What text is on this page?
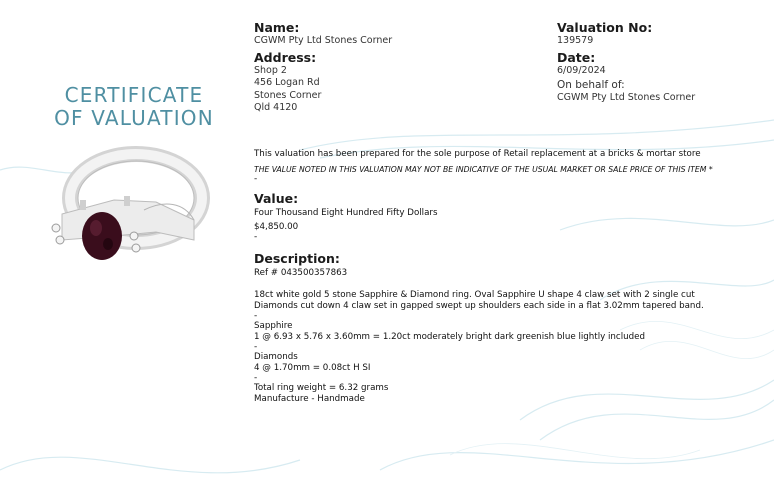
CERTIFICATE
OF VALUATION

Name:

CGWM Pty Ltd Stones Corner

Address:

Shop 2

456 Logan Rd

Stones Corner

Qld 4120

Valuation No:

139579

Date:

6/09/2024

On behalf of:

CGWM Pty Ltd Stones Corner

This valuation has been prepared for the sole purpose of Retail replacement at a bricks & mortar store

THE VALUE NOTED IN THIS VALUATION MAY NOT BE INDICATIVE OF THE USUAL MARKET OR SALE PRICE OF THIS ITEM *

-

Value:

Four Thousand Eight Hundred Fifty Dollars

$4,850.00

-

Description:

Ref # 043500357863

18ct white gold 5 stone Sapphire & Diamond ring. Oval Sapphire U shape 4 claw set with 2 single cut

Diamonds cut down 4 claw set in gapped swept up shoulders each side in a flat 3.02mm tapered band.

-

Sapphire

1 @ 6.93 x 5.76 x 3.60mm = 1.20ct moderately bright dark greenish blue lightly included

-

Diamonds

4 @ 1.70mm = 0.08ct H SI

-

Total ring weight = 6.32 grams

Manufacture - Handmade
